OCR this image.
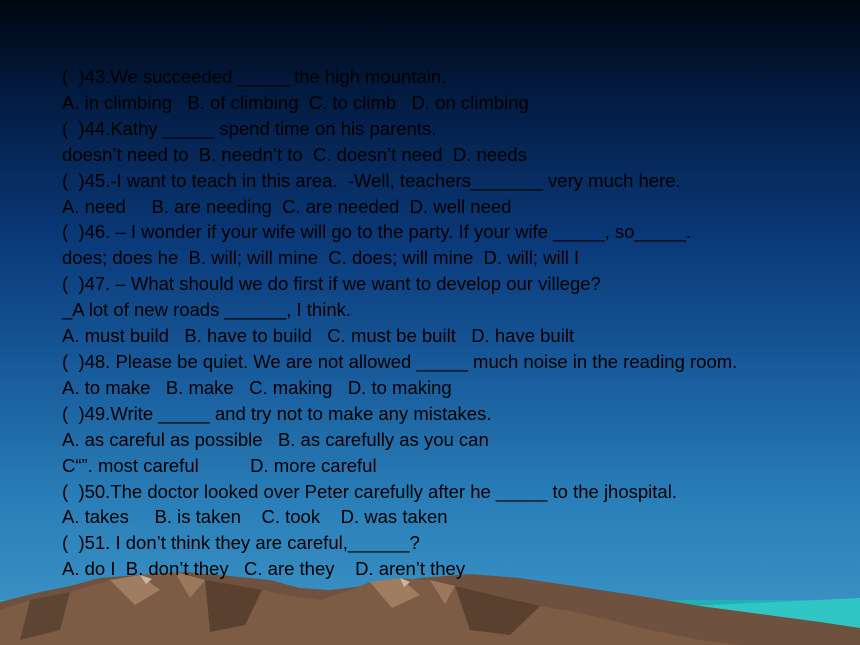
(  )43.We succeeded _____ the high mountain.
A. in climbing   B. of climbing  C. to climb   D. on climbing
(  )44.Kathy _____ spend time on his parents.
doesn’t need to  B. needn’t to  C. doesn’t need  D. needs
(  )45.-I want to teach in this area.  -Well, teachers_______ very much here.
A. need     B. are needing  C. are needed  D. well need
(  )46. – I wonder if your wife will go to the party. If your wife _____, so_____.
does; does he  B. will; will mine  C. does; will mine  D. will; will I
(  )47. – What should we do first if we want to develop our villege?
_A lot of new roads ______, I think.
A. must build   B. have to build   C. must be built   D. have built
(  )48. Please be quiet. We are not allowed _____ much noise in the reading room.
A. to make   B. make   C. making   D. to making
(  )49.Write _____ and try not to make any mistakes.
A. as careful as possible   B. as carefully as you can
C“”. most careful          D. more careful
(  )50.The doctor looked over Peter carefully after he _____ to the jhospital.
A. takes     B. is taken    C. took    D. was taken
(  )51. I don’t think they are careful,______?
A. do I  B. don’t they   C. are they    D. aren’t they
